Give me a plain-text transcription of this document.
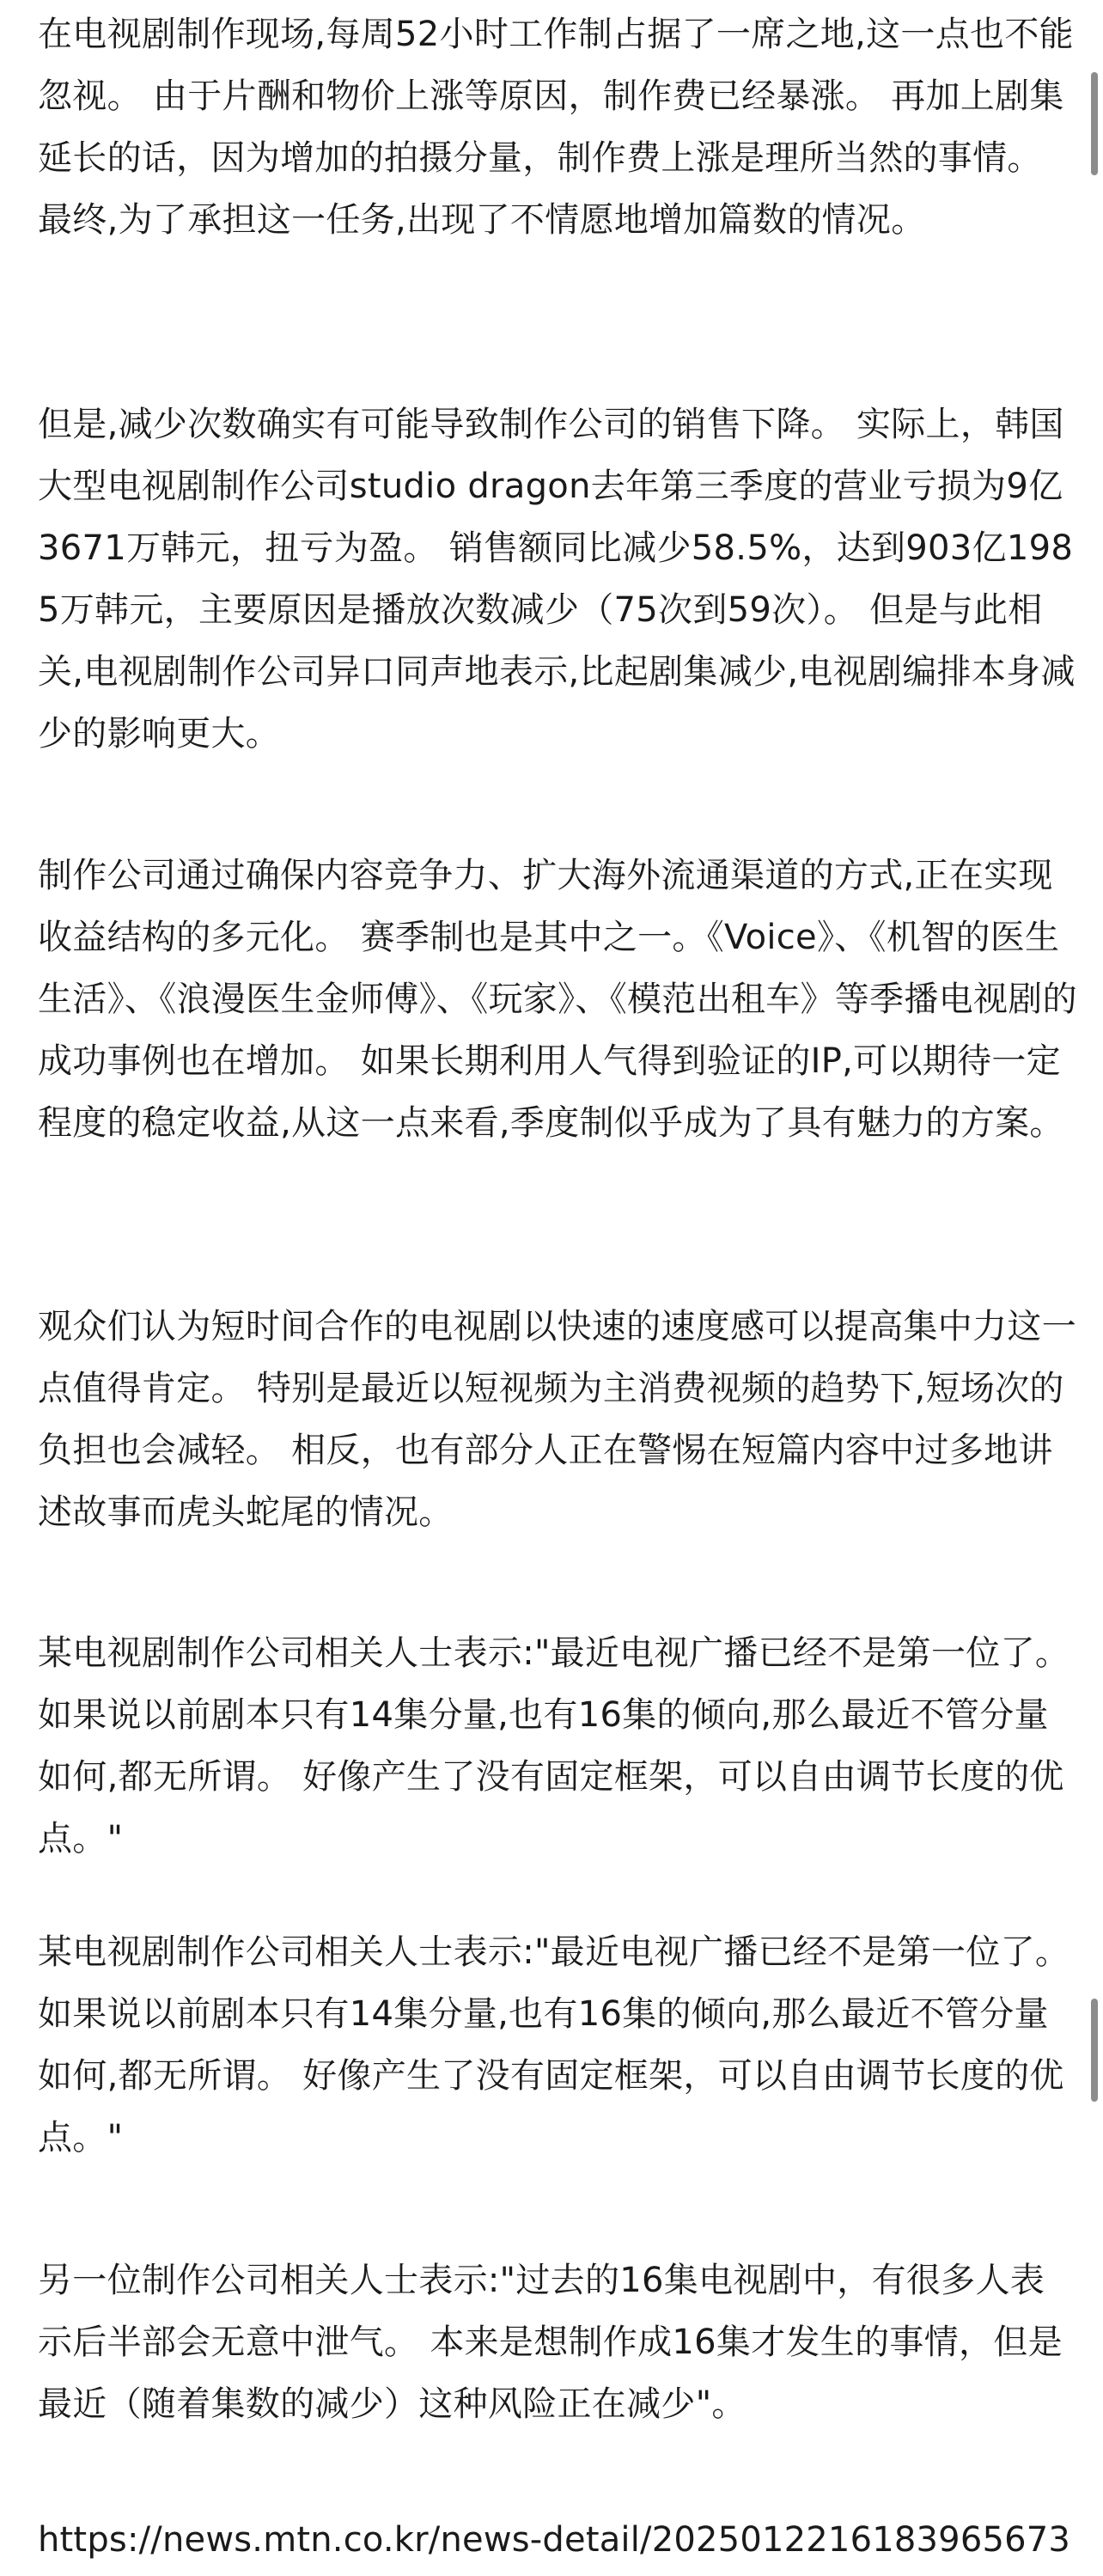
在电视剧制作现场,每周52小时工作制占据了一席之地,这一点也不能忽视。 由于片酬和物价上涨等原因，制作费已经暴涨。 再加上剧集延长的话，因为增加的拍摄分量，制作费上涨是理所当然的事情。 最终,为了承担这一任务,出现了不情愿地增加篇数的情况。

但是,减少次数确实有可能导致制作公司的销售下降。 实际上，韩国大型电视剧制作公司studio dragon去年第三季度的营业亏损为9亿3671万韩元，扭亏为盈。 销售额同比减少58.5%，达到903亿1985万韩元，主要原因是播放次数减少（75次到59次）。 但是与此相关,电视剧制作公司异口同声地表示,比起剧集减少,电视剧编排本身减少的影响更大。

制作公司通过确保内容竞争力、扩大海外流通渠道的方式,正在实现收益结构的多元化。 赛季制也是其中之一。《Voice》、《机智的医生生活》、《浪漫医生金师傅》、《玩家》、《模范出租车》等季播电视剧的成功事例也在增加。 如果长期利用人气得到验证的IP,可以期待一定程度的稳定收益,从这一点来看,季度制似乎成为了具有魅力的方案。

观众们认为短时间合作的电视剧以快速的速度感可以提高集中力这一点值得肯定。 特别是最近以短视频为主消费视频的趋势下,短场次的负担也会减轻。 相反，也有部分人正在警惕在短篇内容中过多地讲述故事而虎头蛇尾的情况。

某电视剧制作公司相关人士表示:"最近电视广播已经不是第一位了。 如果说以前剧本只有14集分量,也有16集的倾向,那么最近不管分量如何,都无所谓。 好像产生了没有固定框架，可以自由调节长度的优点。"

某电视剧制作公司相关人士表示:"最近电视广播已经不是第一位了。 如果说以前剧本只有14集分量,也有16集的倾向,那么最近不管分量如何,都无所谓。 好像产生了没有固定框架，可以自由调节长度的优点。"

另一位制作公司相关人士表示:"过去的16集电视剧中，有很多人表示后半部会无意中泄气。 本来是想制作成16集才发生的事情，但是最近（随着集数的减少）这种风险正在减少"。

https://news.mtn.co.kr/news-detail/2025012216183965673
